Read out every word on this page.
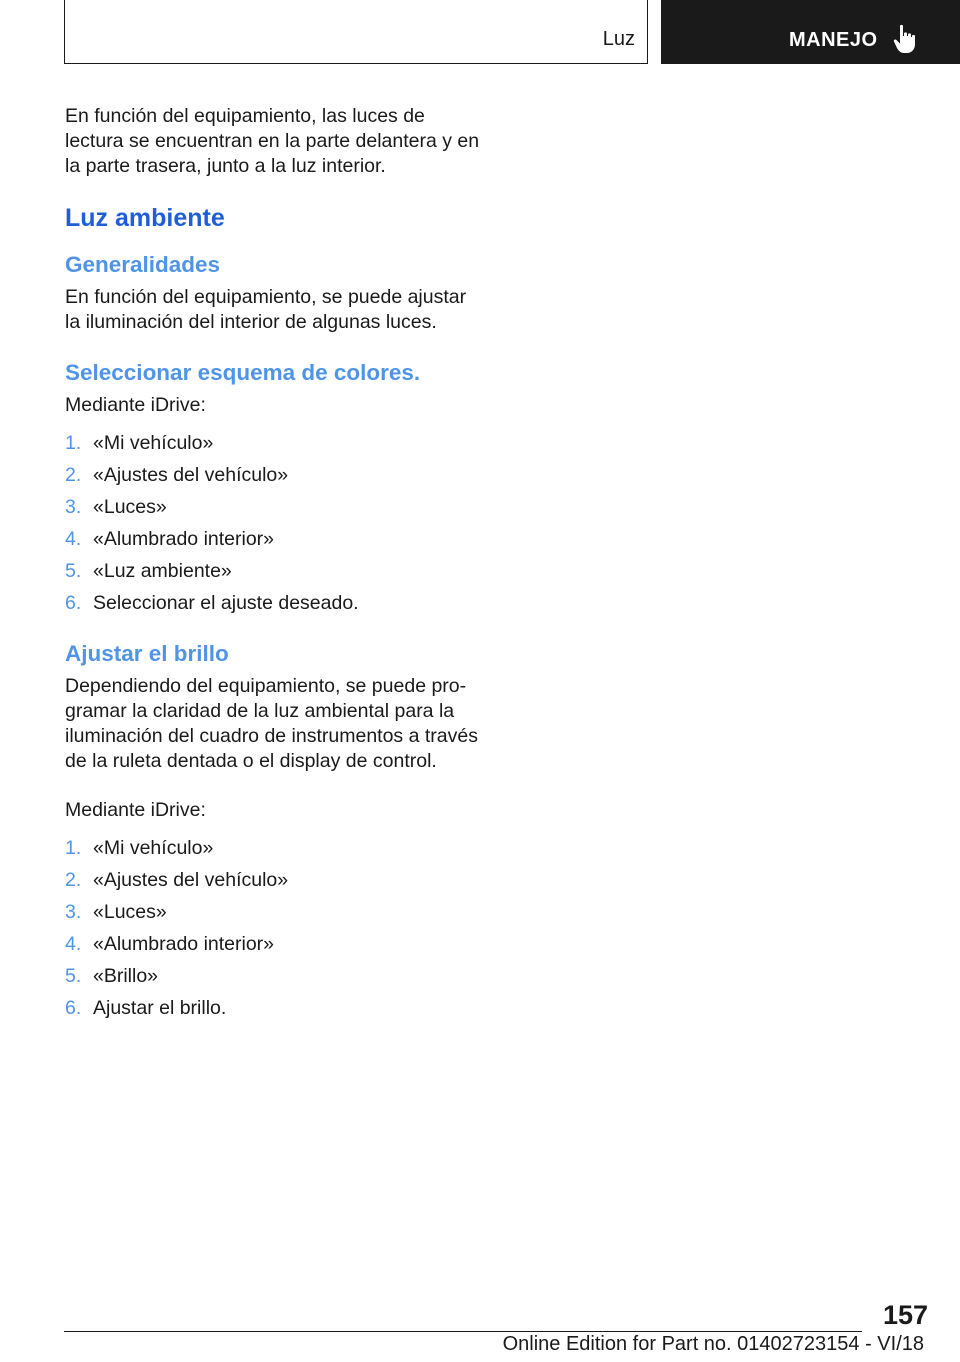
Luz	MANEJO

En función del equipamiento, las luces de lectura se encuentran en la parte delantera y en la parte trasera, junto a la luz interior.

Luz ambiente
Generalidades

En función del equipamiento, se puede ajustar la iluminación del interior de algunas luces.

Seleccionar esquema de colores.

Mediante iDrive:

1. «Mi vehículo»
2. «Ajustes del vehículo»
3. «Luces»
4. «Alumbrado interior»
5. «Luz ambiente»
6. Seleccionar el ajuste deseado.
Ajustar el brillo

Dependiendo del equipamiento, se puede programar la claridad de la luz ambiental para la iluminación del cuadro de instrumentos a través de la ruleta dentada o el display de control.

Mediante iDrive:

1. «Mi vehículo»
2. «Ajustes del vehículo»
3. «Luces»
4. «Alumbrado interior»
5. «Brillo»
6. Ajustar el brillo.
157
Online Edition for Part no. 01402723154 - VI/18
